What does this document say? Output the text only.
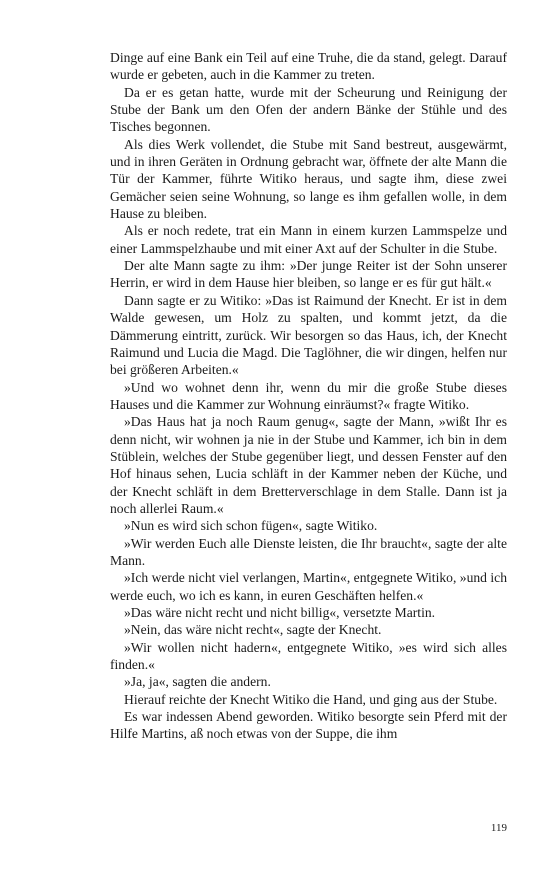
Dinge auf eine Bank ein Teil auf eine Truhe, die da stand, gelegt. Darauf wurde er gebeten, auch in die Kammer zu treten.

Da er es getan hatte, wurde mit der Scheurung und Reinigung der Stube der Bank um den Ofen der andern Bänke der Stühle und des Tisches begonnen.

Als dies Werk vollendet, die Stube mit Sand bestreut, ausgewärmt, und in ihren Geräten in Ordnung gebracht war, öffnete der alte Mann die Tür der Kammer, führte Witiko heraus, und sagte ihm, diese zwei Gemächer seien seine Wohnung, so lange es ihm gefallen wolle, in dem Hause zu bleiben.

Als er noch redete, trat ein Mann in einem kurzen Lammspelze und einer Lammspelzhaube und mit einer Axt auf der Schulter in die Stube.

Der alte Mann sagte zu ihm: »Der junge Reiter ist der Sohn unserer Herrin, er wird in dem Hause hier bleiben, so lange er es für gut hält.«

Dann sagte er zu Witiko: »Das ist Raimund der Knecht. Er ist in dem Walde gewesen, um Holz zu spalten, und kommt jetzt, da die Dämmerung eintritt, zurück. Wir besorgen so das Haus, ich, der Knecht Raimund und Lucia die Magd. Die Taglöhner, die wir dingen, helfen nur bei größeren Arbeiten.«

»Und wo wohnet denn ihr, wenn du mir die große Stube dieses Hauses und die Kammer zur Wohnung einräumst?« fragte Witiko.

»Das Haus hat ja noch Raum genug«, sagte der Mann, »wißt Ihr es denn nicht, wir wohnen ja nie in der Stube und Kammer, ich bin in dem Stüblein, welches der Stube gegenüber liegt, und dessen Fenster auf den Hof hinaus sehen, Lucia schläft in der Kammer neben der Küche, und der Knecht schläft in dem Bretterverschlage in dem Stalle. Dann ist ja noch allerlei Raum.«

»Nun es wird sich schon fügen«, sagte Witiko.

»Wir werden Euch alle Dienste leisten, die Ihr braucht«, sagte der alte Mann.

»Ich werde nicht viel verlangen, Martin«, entgegnete Witiko, »und ich werde euch, wo ich es kann, in euren Geschäften helfen.«

»Das wäre nicht recht und nicht billig«, versetzte Martin.

»Nein, das wäre nicht recht«, sagte der Knecht.

»Wir wollen nicht hadern«, entgegnete Witiko, »es wird sich alles finden.«

»Ja, ja«, sagten die andern.

Hierauf reichte der Knecht Witiko die Hand, und ging aus der Stube.

Es war indessen Abend geworden. Witiko besorgte sein Pferd mit der Hilfe Martins, aß noch etwas von der Suppe, die ihm

119
